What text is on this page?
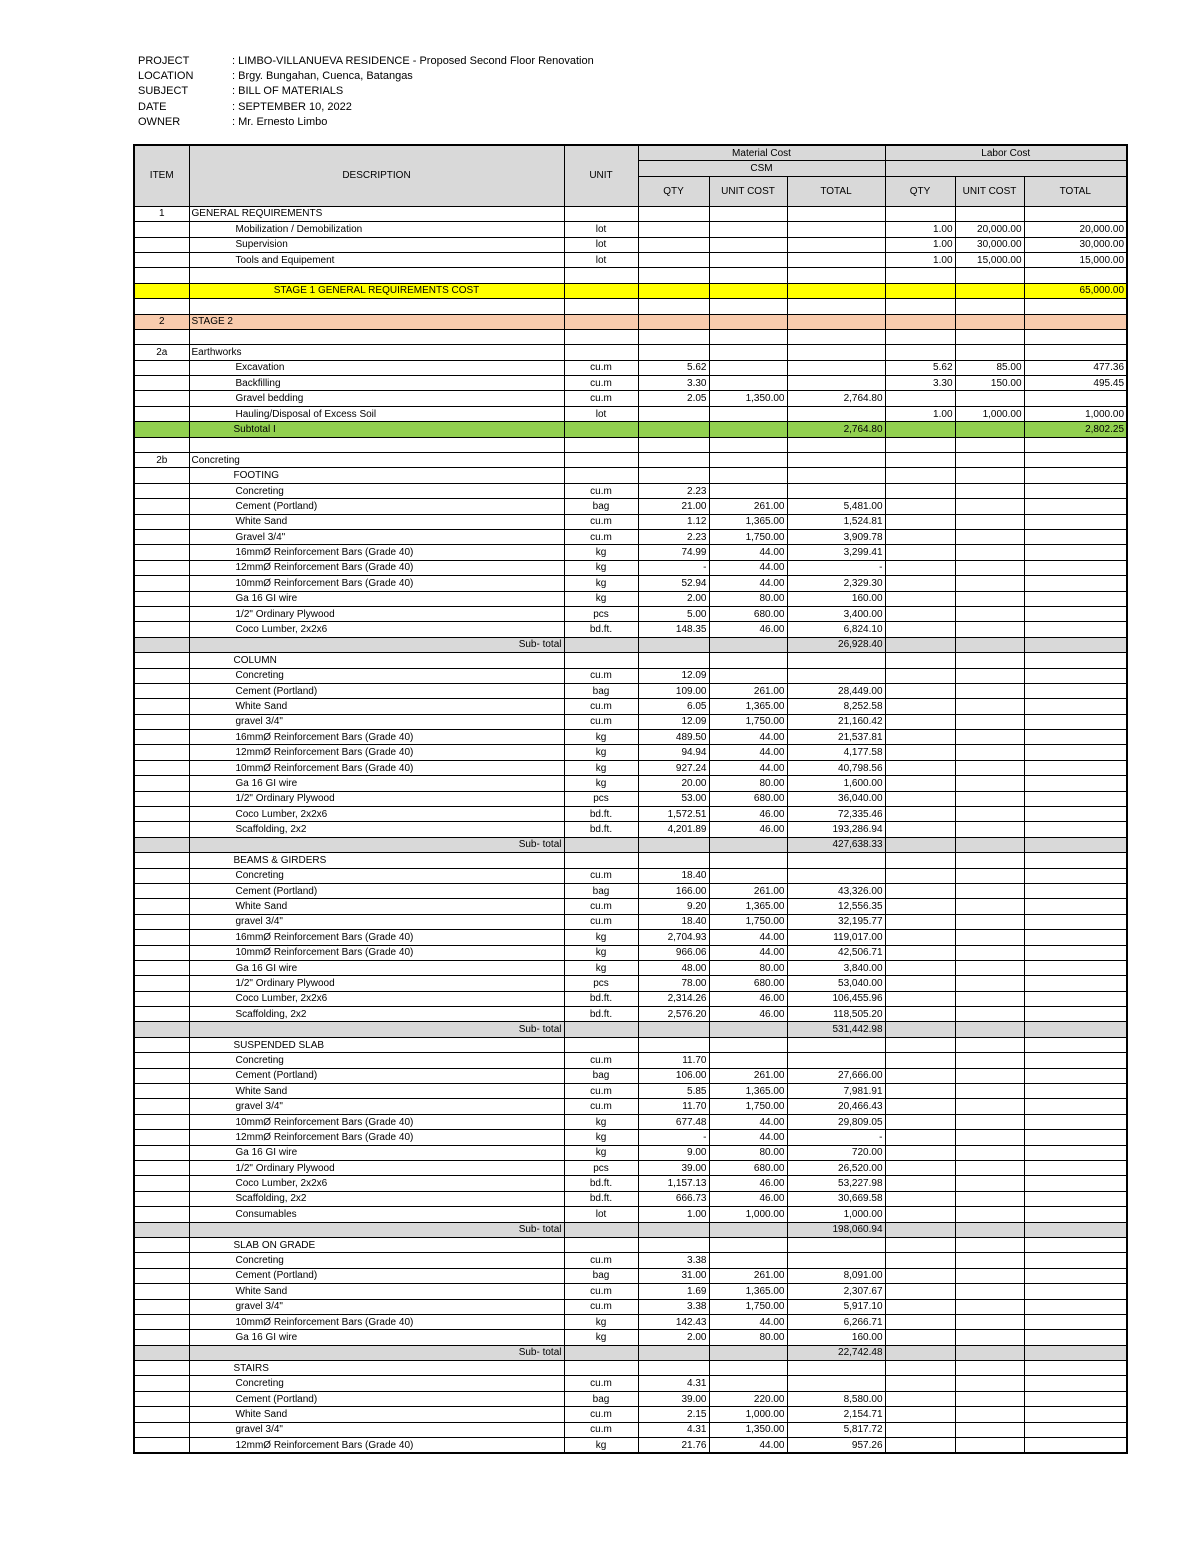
PROJECT	: LIMBO-VILLANUEVA RESIDENCE - Proposed Second Floor Renovation
LOCATION	: Brgy. Bungahan, Cuenca, Batangas
SUBJECT	: BILL OF MATERIALS
DATE	: SEPTEMBER 10, 2022
OWNER	: Mr. Ernesto Limbo
ITEM	DESCRIPTION	UNIT	Material Cost			Labor Cost		
			CSM					
			QTY	UNIT COST	TOTAL	QTY	UNIT COST	TOTAL
1	GENERAL REQUIREMENTS							
	Mobilization / Demobilization	lot				1.00	20,000.00	20,000.00
	Supervision	lot				1.00	30,000.00	30,000.00
	Tools and Equipement	lot				1.00	15,000.00	15,000.00

	STAGE 1 GENERAL REQUIREMENTS COST							65,000.00

2	STAGE 2							

2a	Earthworks							
	Excavation	cu.m	5.62			5.62	85.00	477.36
	Backfilling	cu.m	3.30			3.30	150.00	495.45
	Gravel bedding	cu.m	2.05	1,350.00	2,764.80			
	Hauling/Disposal of Excess Soil	lot				1.00	1,000.00	1,000.00
	Subtotal I				2,764.80			2,802.25

2b	Concreting							
	FOOTING							
	Concreting	cu.m	2.23					
	Cement (Portland)	bag	21.00	261.00	5,481.00			
	White Sand	cu.m	1.12	1,365.00	1,524.81			
	Gravel 3/4"	cu.m	2.23	1,750.00	3,909.78			
	16mmØ Reinforcement Bars (Grade 40)	kg	74.99	44.00	3,299.41			
	12mmØ Reinforcement Bars (Grade 40)	kg	-	44.00	-			
	10mmØ Reinforcement Bars (Grade 40)	kg	52.94	44.00	2,329.30			
	Ga 16 GI wire	kg	2.00	80.00	160.00			
	1/2" Ordinary Plywood	pcs	5.00	680.00	3,400.00			
	Coco Lumber, 2x2x6	bd.ft.	148.35	46.00	6,824.10			
	Sub- total				26,928.40			
	COLUMN							
	Concreting	cu.m	12.09					
	Cement (Portland)	bag	109.00	261.00	28,449.00			
	White Sand	cu.m	6.05	1,365.00	8,252.58			
	gravel 3/4"	cu.m	12.09	1,750.00	21,160.42			
	16mmØ Reinforcement Bars (Grade 40)	kg	489.50	44.00	21,537.81			
	12mmØ Reinforcement Bars (Grade 40)	kg	94.94	44.00	4,177.58			
	10mmØ Reinforcement Bars (Grade 40)	kg	927.24	44.00	40,798.56			
	Ga 16 GI wire	kg	20.00	80.00	1,600.00			
	1/2" Ordinary Plywood	pcs	53.00	680.00	36,040.00			
	Coco Lumber, 2x2x6	bd.ft.	1,572.51	46.00	72,335.46			
	Scaffolding, 2x2	bd.ft.	4,201.89	46.00	193,286.94			
	Sub- total				427,638.33			
	BEAMS & GIRDERS							
	Concreting	cu.m	18.40					
	Cement (Portland)	bag	166.00	261.00	43,326.00			
	White Sand	cu.m	9.20	1,365.00	12,556.35			
	gravel 3/4"	cu.m	18.40	1,750.00	32,195.77			
	16mmØ Reinforcement Bars (Grade 40)	kg	2,704.93	44.00	119,017.00			
	10mmØ Reinforcement Bars (Grade 40)	kg	966.06	44.00	42,506.71			
	Ga 16 GI wire	kg	48.00	80.00	3,840.00			
	1/2" Ordinary Plywood	pcs	78.00	680.00	53,040.00			
	Coco Lumber, 2x2x6	bd.ft.	2,314.26	46.00	106,455.96			
	Scaffolding, 2x2	bd.ft.	2,576.20	46.00	118,505.20			
	Sub- total				531,442.98			
	SUSPENDED SLAB							
	Concreting	cu.m	11.70					
	Cement (Portland)	bag	106.00	261.00	27,666.00			
	White Sand	cu.m	5.85	1,365.00	7,981.91			
	gravel 3/4"	cu.m	11.70	1,750.00	20,466.43			
	10mmØ Reinforcement Bars (Grade 40)	kg	677.48	44.00	29,809.05			
	12mmØ Reinforcement Bars (Grade 40)	kg	-	44.00	-			
	Ga 16 GI wire	kg	9.00	80.00	720.00			
	1/2" Ordinary Plywood	pcs	39.00	680.00	26,520.00			
	Coco Lumber, 2x2x6	bd.ft.	1,157.13	46.00	53,227.98			
	Scaffolding, 2x2	bd.ft.	666.73	46.00	30,669.58			
	Consumables	lot	1.00	1,000.00	1,000.00			
	Sub- total				198,060.94			
	SLAB ON GRADE							
	Concreting	cu.m	3.38					
	Cement (Portland)	bag	31.00	261.00	8,091.00			
	White Sand	cu.m	1.69	1,365.00	2,307.67			
	gravel 3/4"	cu.m	3.38	1,750.00	5,917.10			
	10mmØ Reinforcement Bars (Grade 40)	kg	142.43	44.00	6,266.71			
	Ga 16 GI wire	kg	2.00	80.00	160.00			
	Sub- total				22,742.48			
	STAIRS							
	Concreting	cu.m	4.31					
	Cement (Portland)	bag	39.00	220.00	8,580.00			
	White Sand	cu.m	2.15	1,000.00	2,154.71			
	gravel 3/4"	cu.m	4.31	1,350.00	5,817.72			
	12mmØ Reinforcement Bars (Grade 40)	kg	21.76	44.00	957.26			
